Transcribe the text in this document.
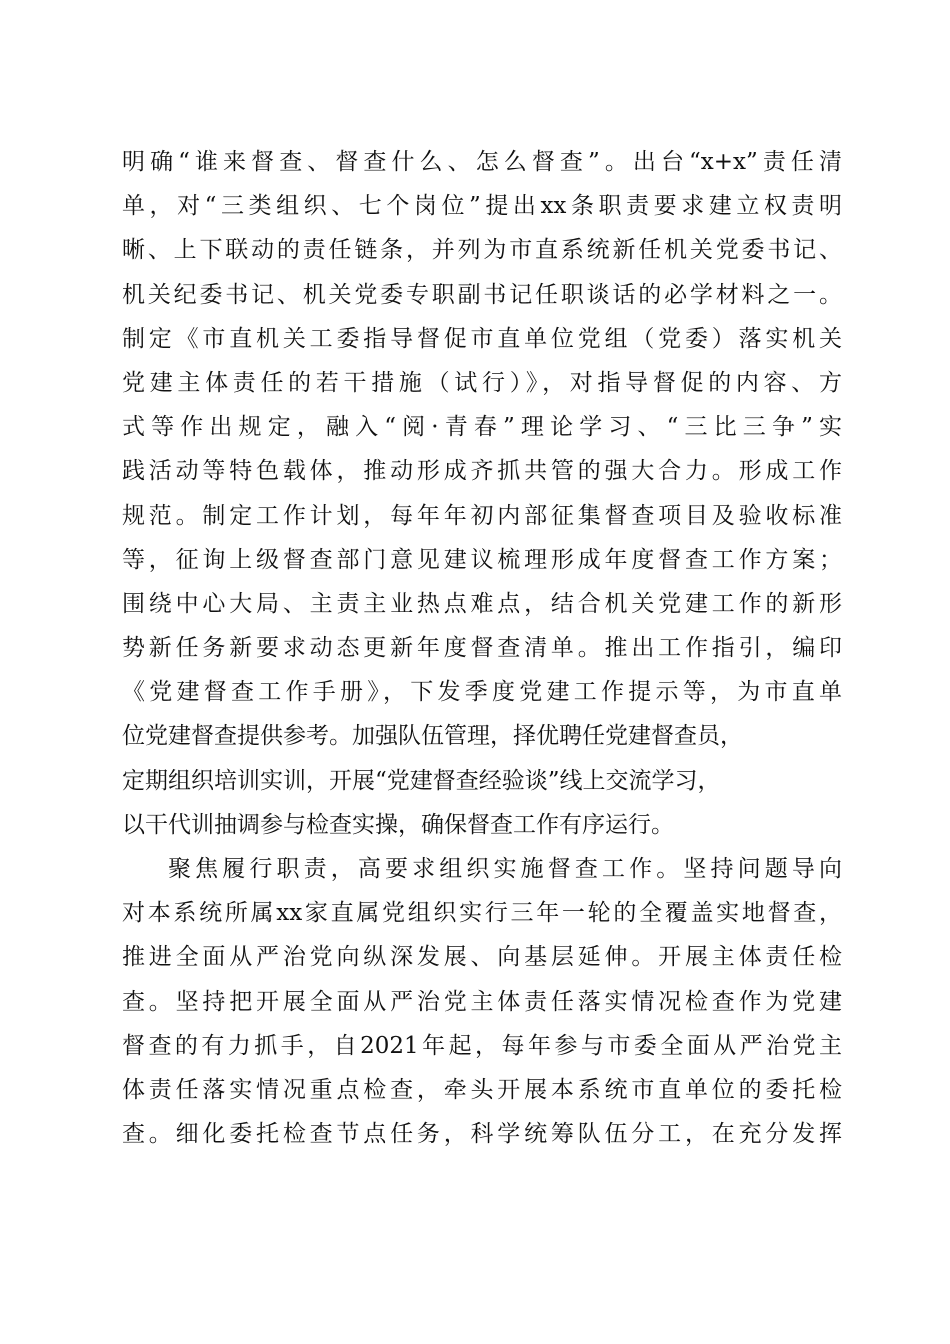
明确“谁来督查、督查什么、怎么督查”。出台“x+x”责任清
单，对“三类组织、七个岗位”提出xx条职责要求建立权责明
晰、上下联动的责任链条，并列为市直系统新任机关党委书记、
机关纪委书记、机关党委专职副书记任职谈话的必学材料之一。
制定《市直机关工委指导督促市直单位党组（党委）落实机关
党建主体责任的若干措施（试行）》，对指导督促的内容、方
式等作出规定，融入“阅·青春”理论学习、“三比三争”实
践活动等特色载体，推动形成齐抓共管的强大合力。形成工作
规范。制定工作计划，每年年初内部征集督查项目及验收标准
等，征询上级督查部门意见建议梳理形成年度督查工作方案；
围绕中心大局、主责主业热点难点，结合机关党建工作的新形
势新任务新要求动态更新年度督查清单。推出工作指引，编印
《党建督查工作手册》，下发季度党建工作提示等，为市直单
位党建督查提供参考。加强队伍管理，择优聘任党建督查员，
定期组织培训实训，开展“党建督查经验谈”线上交流学习，
以干代训抽调参与检查实操，确保督查工作有序运行。
聚焦履行职责，高要求组织实施督查工作。坚持问题导向
对本系统所属xx家直属党组织实行三年一轮的全覆盖实地督查，
推进全面从严治党向纵深发展、向基层延伸。开展主体责任检
查。坚持把开展全面从严治党主体责任落实情况检查作为党建
督查的有力抓手，自2021年起，每年参与市委全面从严治党主
体责任落实情况重点检查，牵头开展本系统市直单位的委托检
查。细化委托检查节点任务，科学统筹队伍分工，在充分发挥
